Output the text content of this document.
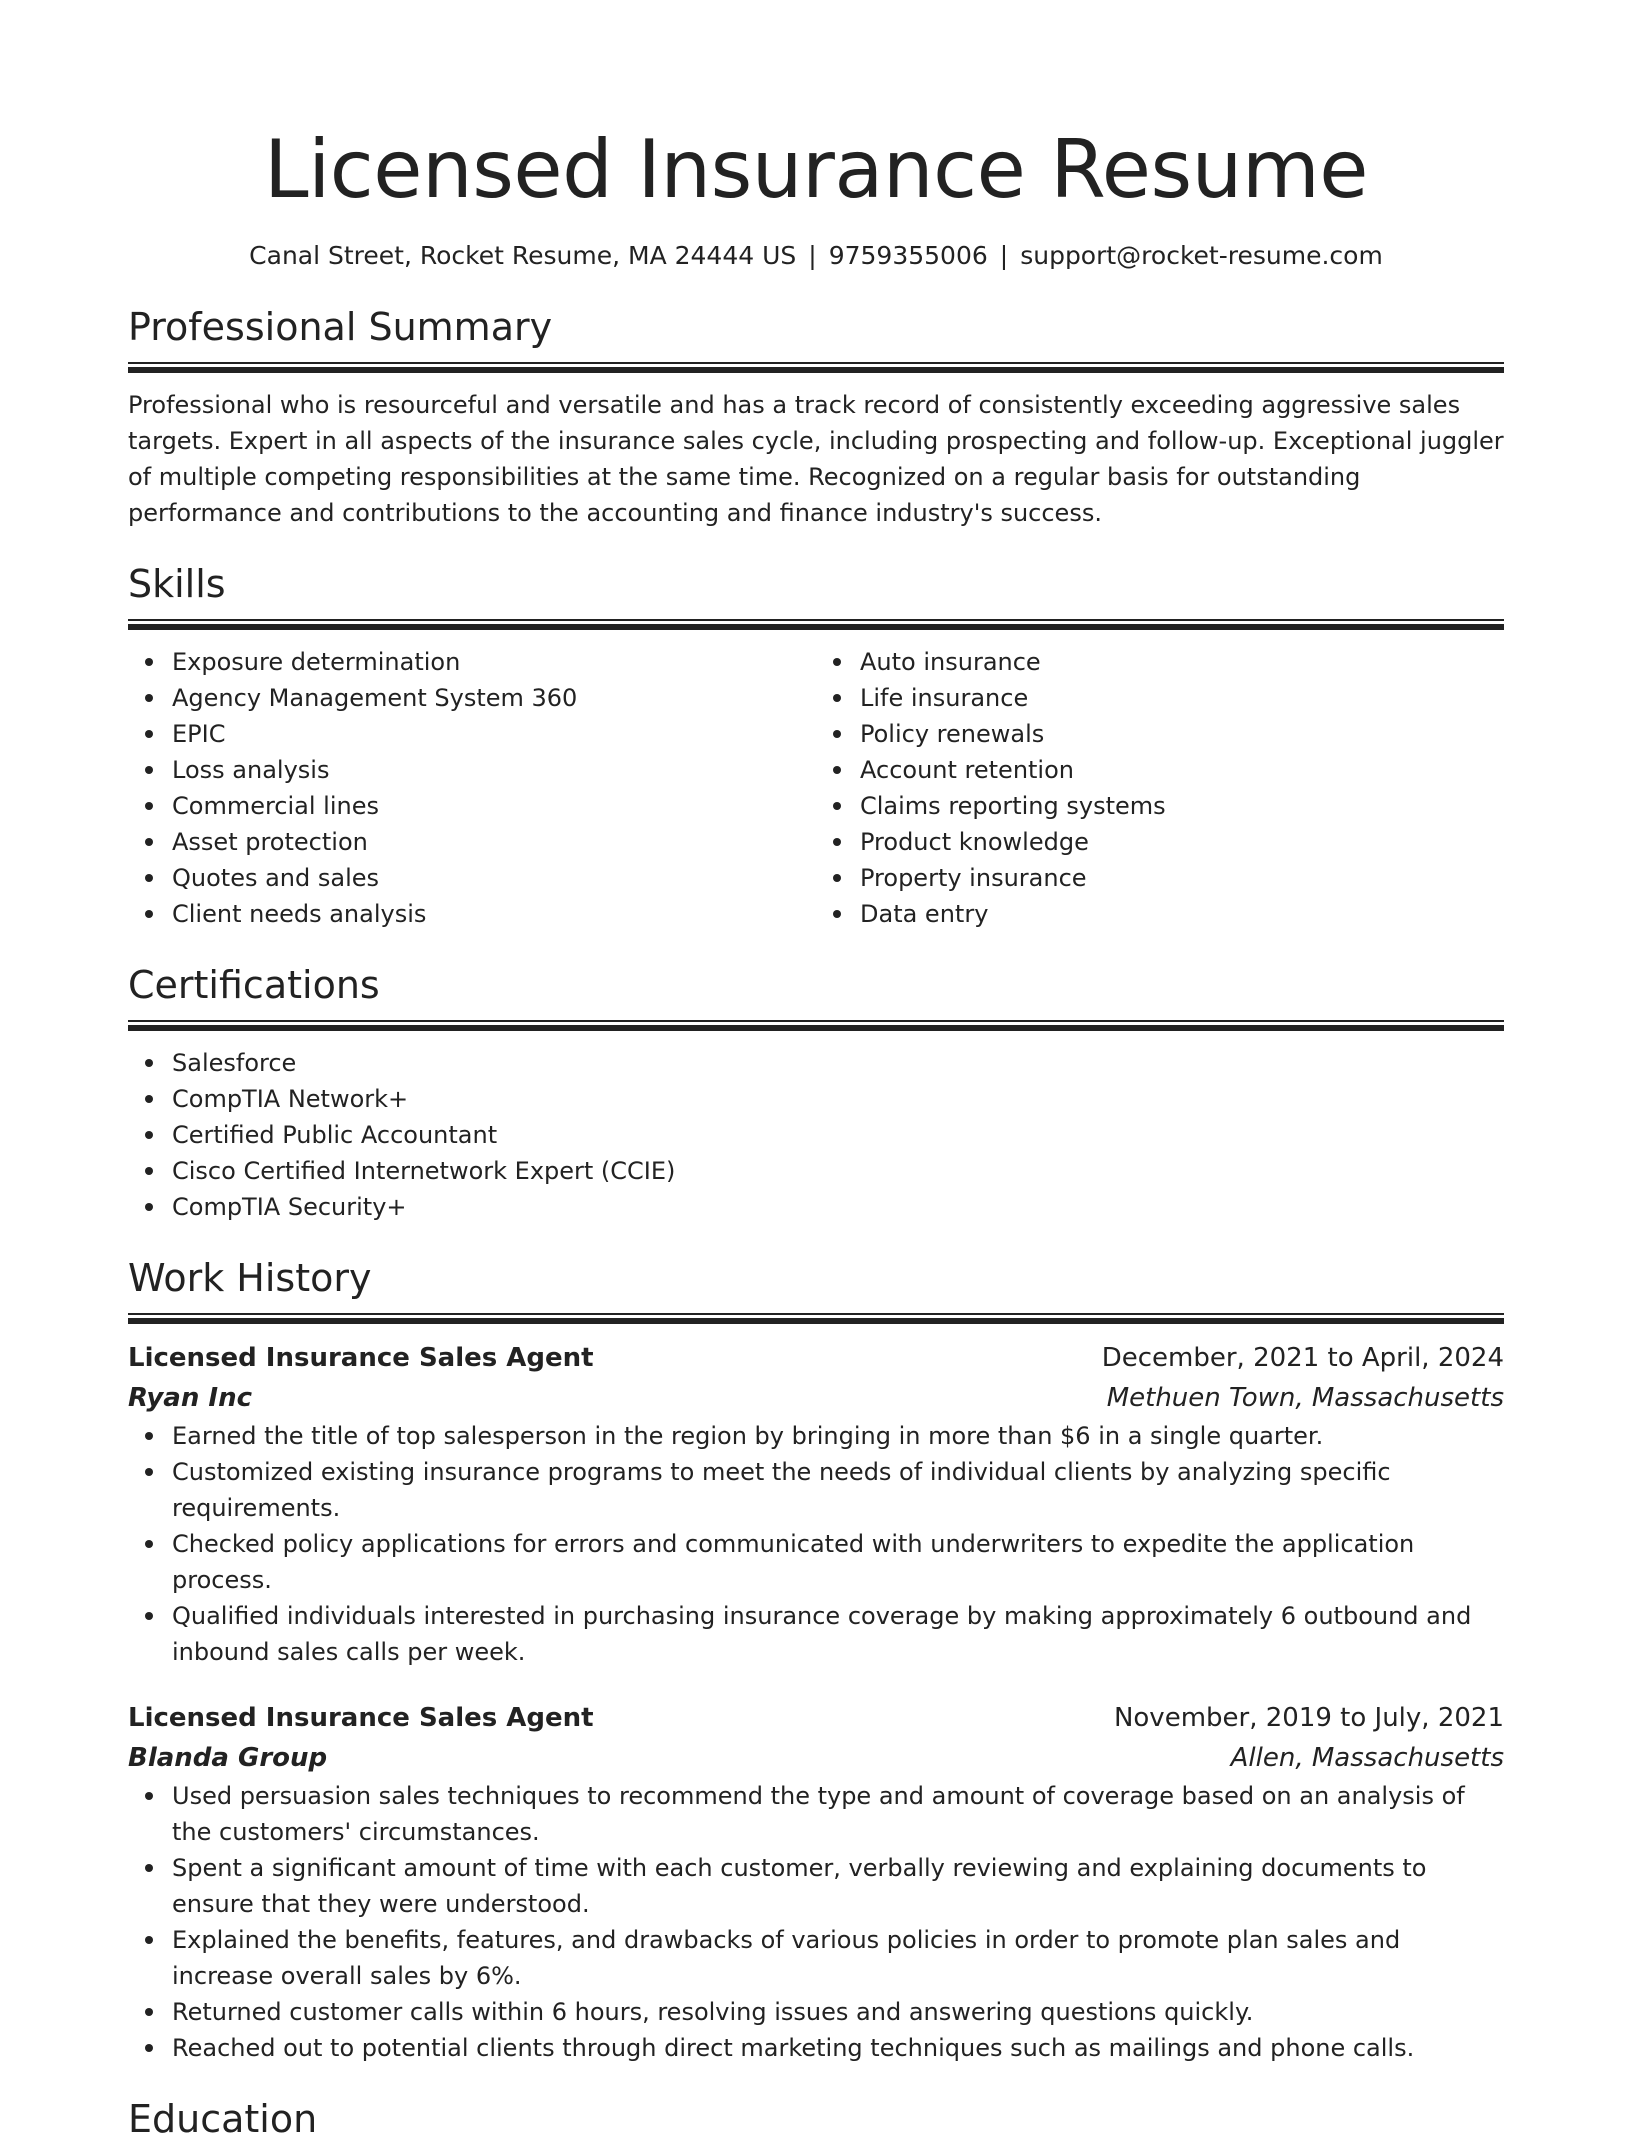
Licensed Insurance Resume
Canal Street, Rocket Resume, MA 24444 US | 9759355006 | support@rocket-resume.com
Professional Summary

Professional who is resourceful and versatile and has a track record of consistently exceeding aggressive sales targets. Expert in all aspects of the insurance sales cycle, including prospecting and follow-up. Exceptional juggler of multiple competing responsibilities at the same time. Recognized on a regular basis for outstanding performance and contributions to the accounting and finance industry's success.

Skills
Exposure determination
Agency Management System 360
EPIC
Loss analysis
Commercial lines
Asset protection
Quotes and sales
Client needs analysis
Auto insurance
Life insurance
Policy renewals
Account retention
Claims reporting systems
Product knowledge
Property insurance
Data entry
Certifications
Salesforce
CompTIA Network+
Certified Public Accountant
Cisco Certified Internetwork Expert (CCIE)
CompTIA Security+
Work History
Licensed Insurance Sales Agent	December, 2021 to April, 2024
Ryan Inc	Methuen Town, Massachusetts
Earned the title of top salesperson in the region by bringing in more than $6 in a single quarter.
Customized existing insurance programs to meet the needs of individual clients by analyzing specific requirements.
Checked policy applications for errors and communicated with underwriters to expedite the application process.
Qualified individuals interested in purchasing insurance coverage by making approximately 6 outbound and inbound sales calls per week.
Licensed Insurance Sales Agent	November, 2019 to July, 2021
Blanda Group	Allen, Massachusetts
Used persuasion sales techniques to recommend the type and amount of coverage based on an analysis of the customers' circumstances.
Spent a significant amount of time with each customer, verbally reviewing and explaining documents to ensure that they were understood.
Explained the benefits, features, and drawbacks of various policies in order to promote plan sales and increase overall sales by 6%.
Returned customer calls within 6 hours, resolving issues and answering questions quickly.
Reached out to potential clients through direct marketing techniques such as mailings and phone calls.
Education
